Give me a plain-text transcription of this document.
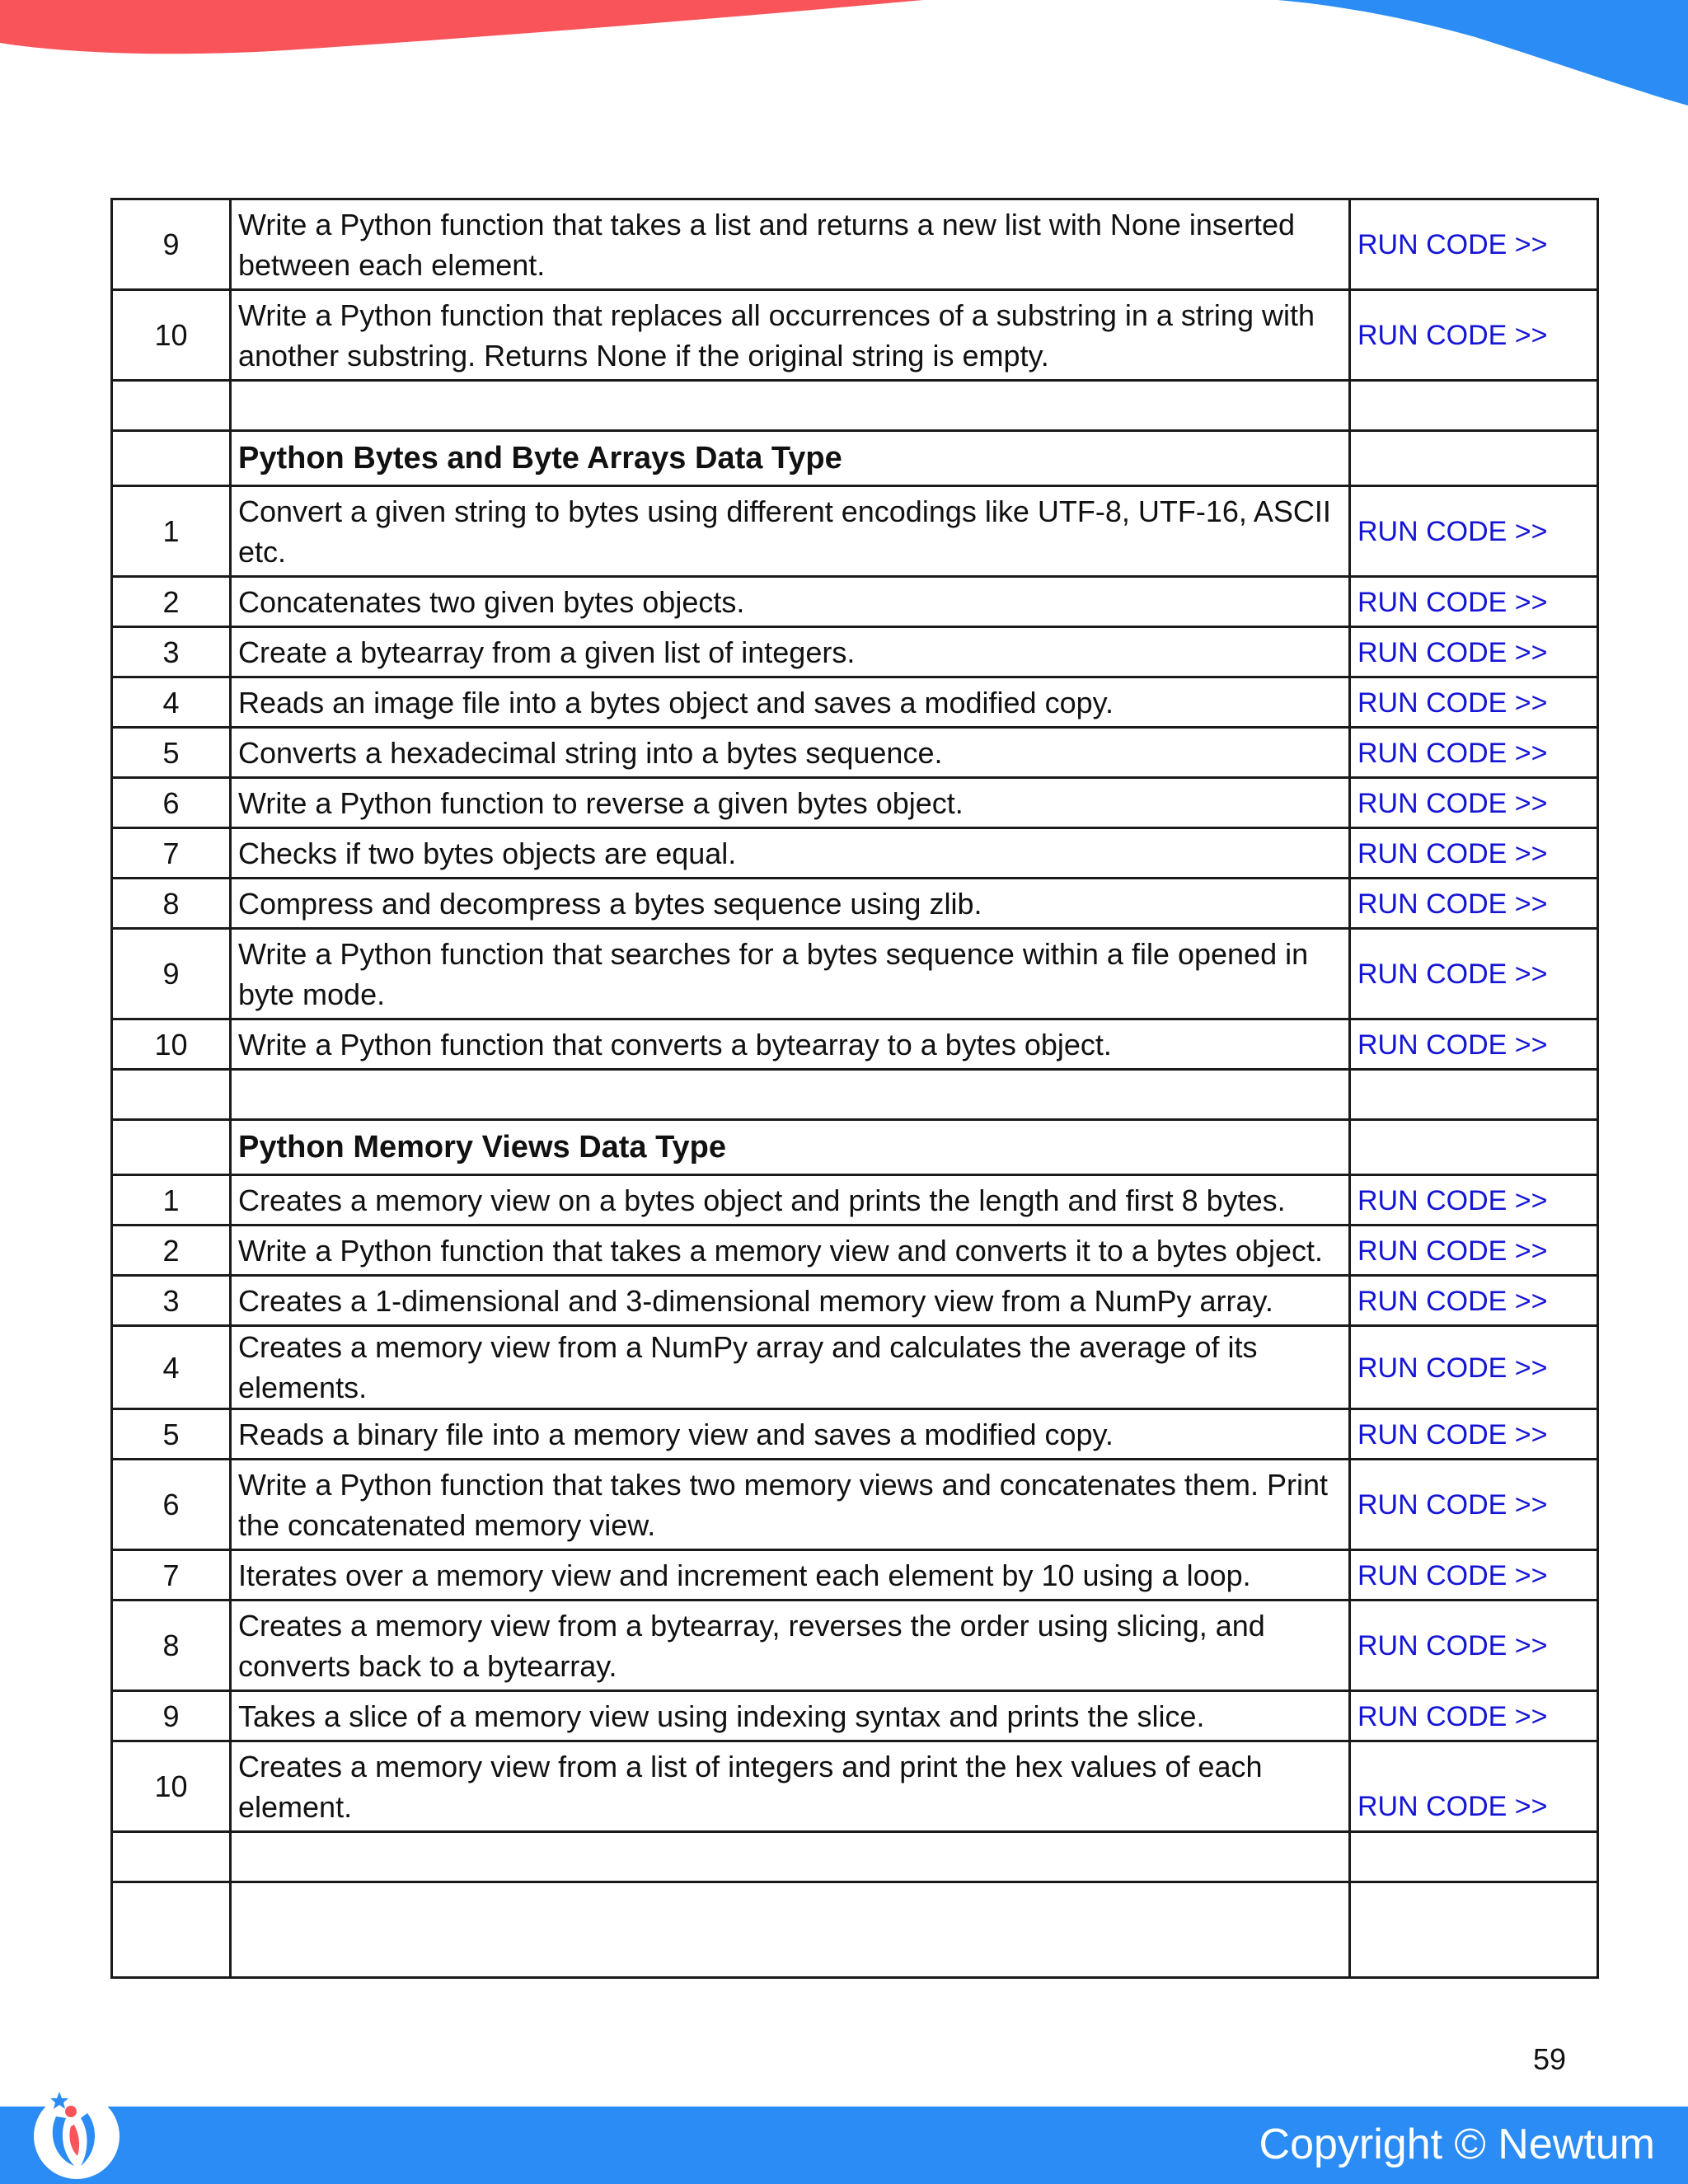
9	Write a Python function that takes a list and returns a new list with None inserted between each element.	RUN CODE >>
10	Write a Python function that replaces all occurrences of a substring in a string with another substring. Returns None if the original string is empty.	RUN CODE >>

	Python Bytes and Byte Arrays Data Type	
1	Convert a given string to bytes using different encodings like UTF-8, UTF-16, ASCII etc.	RUN CODE >>
2	Concatenates two given bytes objects.	RUN CODE >>
3	Create a bytearray from a given list of integers.	RUN CODE >>
4	Reads an image file into a bytes object and saves a modified copy.	RUN CODE >>
5	Converts a hexadecimal string into a bytes sequence.	RUN CODE >>
6	Write a Python function to reverse a given bytes object.	RUN CODE >>
7	Checks if two bytes objects are equal.	RUN CODE >>
8	Compress and decompress a bytes sequence using zlib.	RUN CODE >>
9	Write a Python function that searches for a bytes sequence within a file opened in byte mode.	RUN CODE >>
10	Write a Python function that converts a bytearray to a bytes object.	RUN CODE >>

	Python Memory Views Data Type	
1	Creates a memory view on a bytes object and prints the length and first 8 bytes.	RUN CODE >>
2	Write a Python function that takes a memory view and converts it to a bytes object.	RUN CODE >>
3	Creates a 1-dimensional and 3-dimensional memory view from a NumPy array.	RUN CODE >>
4	Creates a memory view from a NumPy array and calculates the average of its elements.	RUN CODE >>
5	Reads a binary file into a memory view and saves a modified copy.	RUN CODE >>
6	Write a Python function that takes two memory views and concatenates them. Print the concatenated memory view.	RUN CODE >>
7	Iterates over a memory view and increment each element by 10 using a loop.	RUN CODE >>
8	Creates a memory view from a bytearray, reverses the order using slicing, and converts back to a bytearray.	RUN CODE >>
9	Takes a slice of a memory view using indexing syntax and prints the slice.	RUN CODE >>
10	Creates a memory view from a list of integers and print the hex values of each element.	RUN CODE >>

59
Copyright © Newtum
